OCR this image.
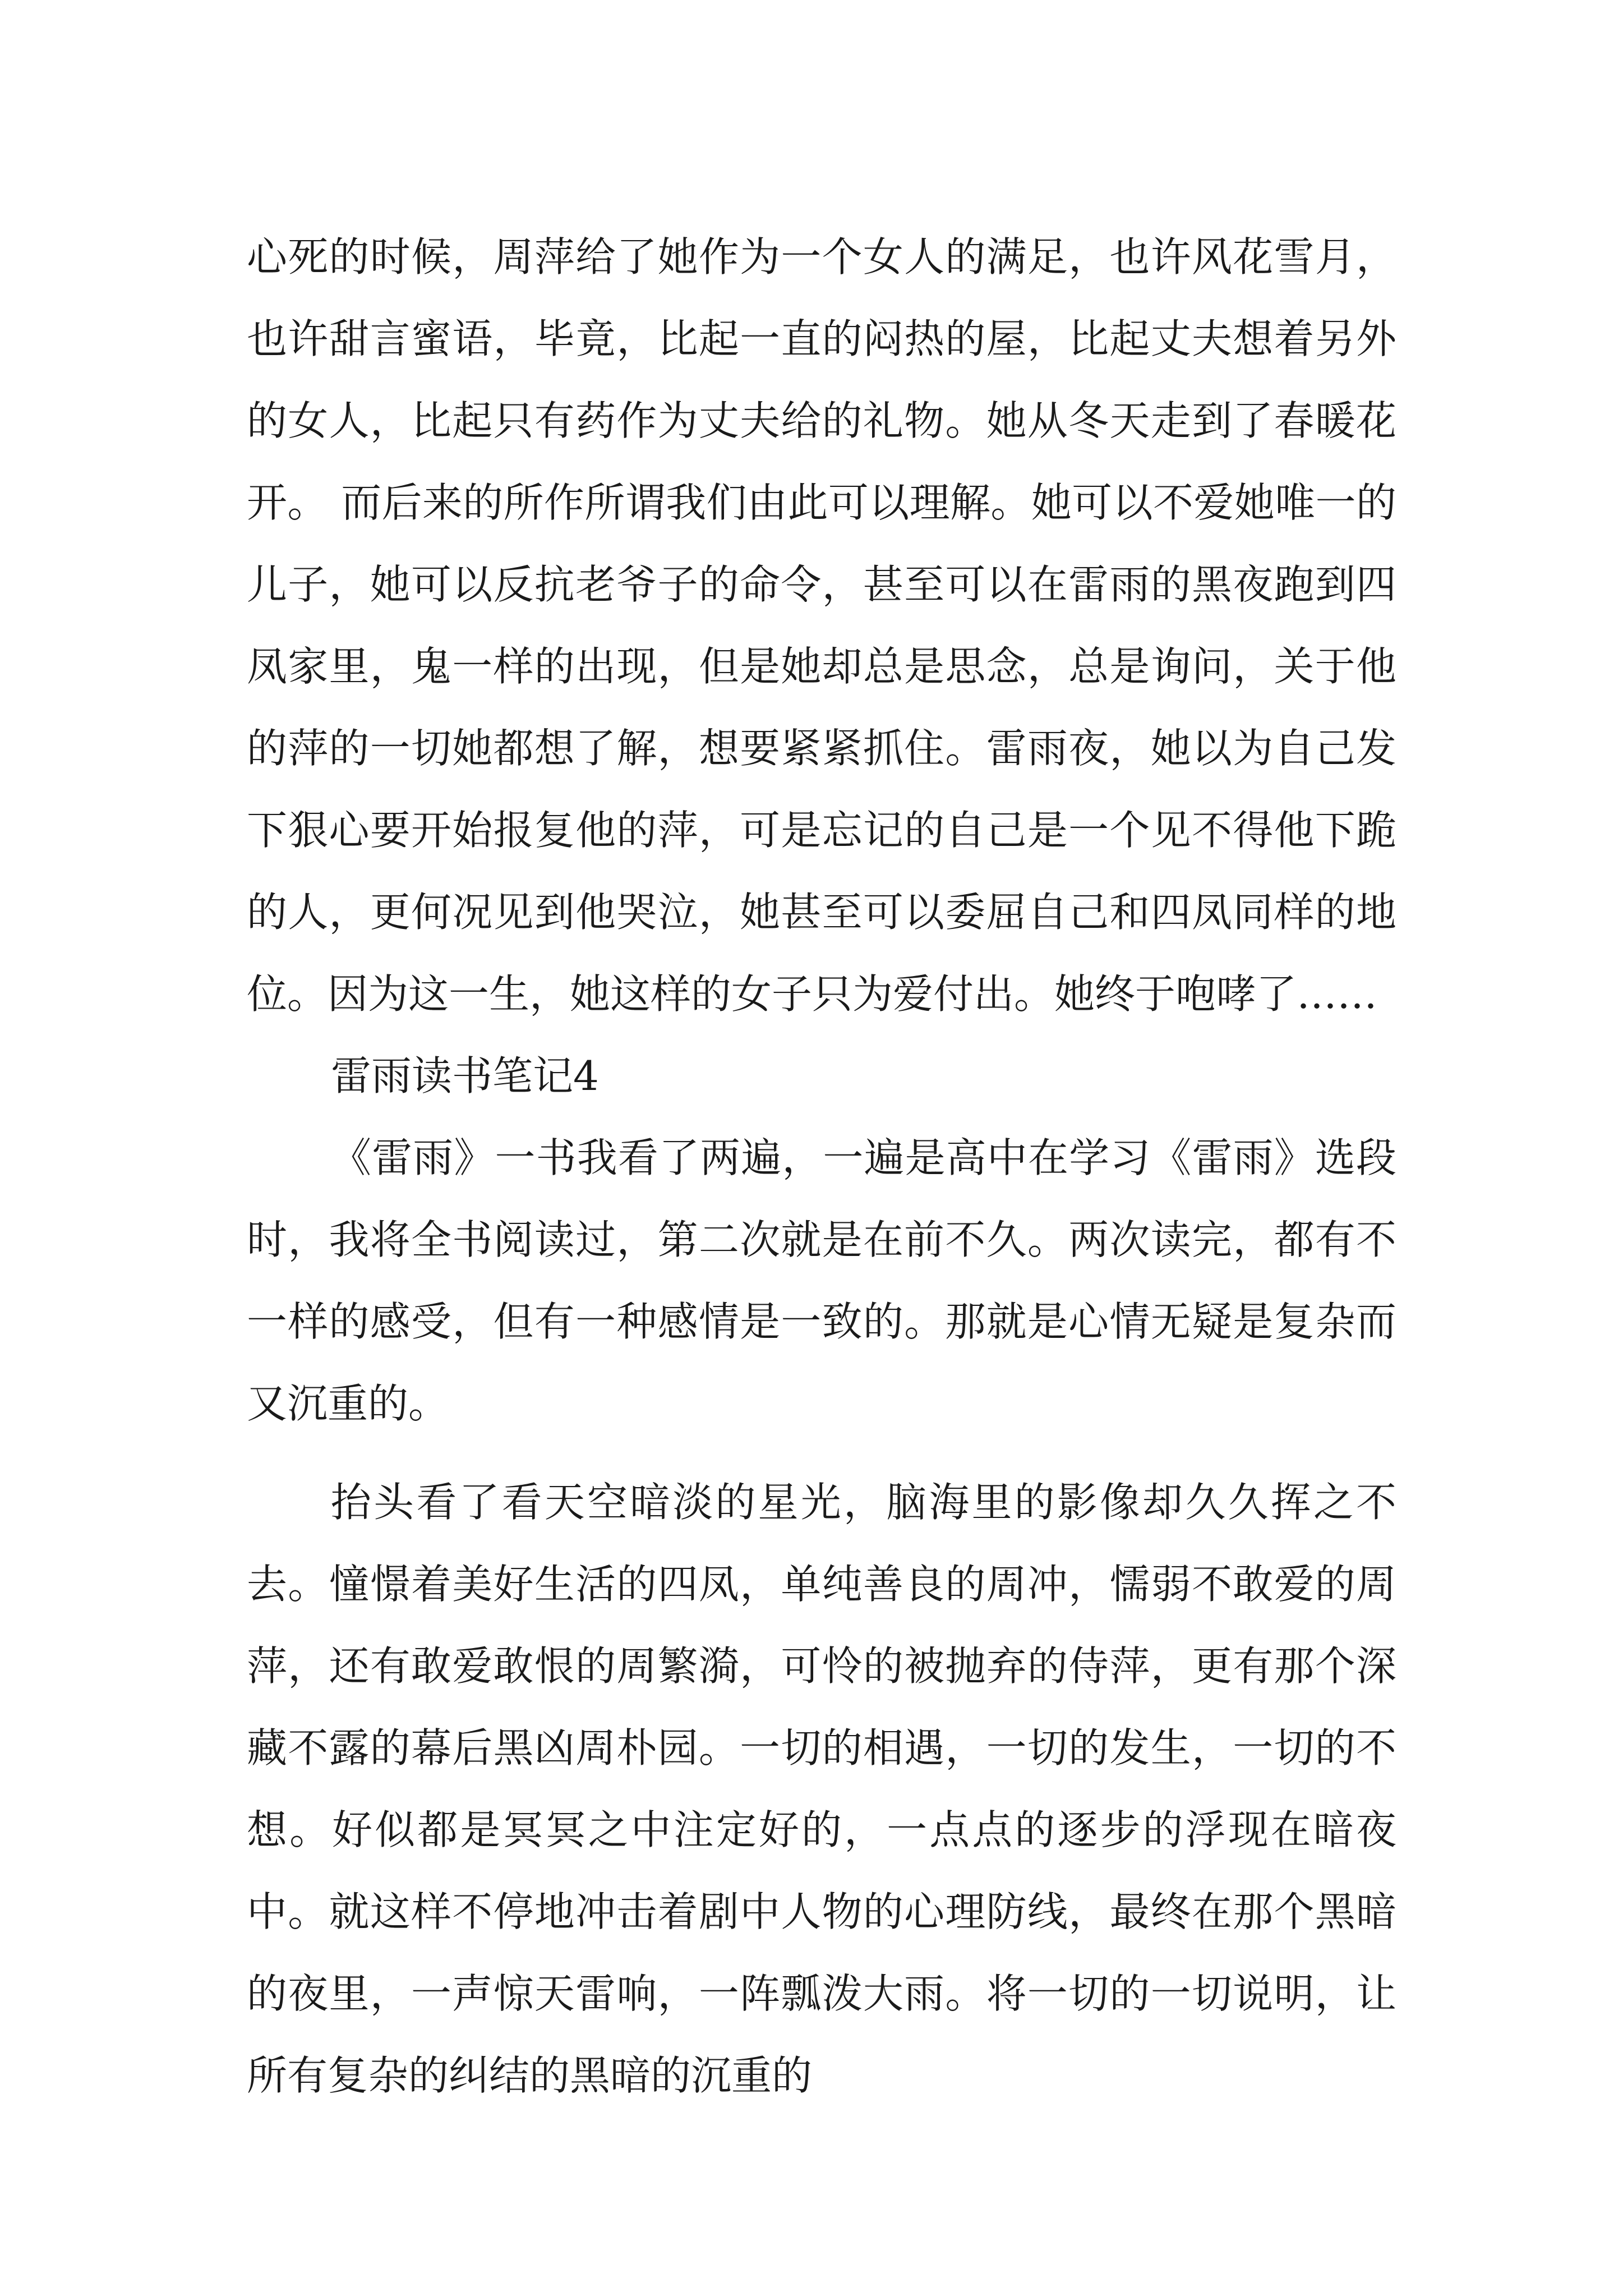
心死的时候，周萍给了她作为一个女人的满足，也许风花雪月，也许甜言蜜语，毕竟，比起一直的闷热的屋，比起丈夫想着另外的女人，比起只有药作为丈夫给的礼物。她从冬天走到了春暖花开。 而后来的所作所谓我们由此可以理解。她可以不爱她唯一的儿子，她可以反抗老爷子的命令，甚至可以在雷雨的黑夜跑到四凤家里，鬼一样的出现，但是她却总是思念，总是询问，关于他的萍的一切她都想了解，想要紧紧抓住。雷雨夜，她以为自己发下狠心要开始报复他的萍，可是忘记的自己是一个见不得他下跪的人，更何况见到他哭泣，她甚至可以委屈自己和四凤同样的地位。因为这一生，她这样的女子只为爱付出。她终于咆哮了……

雷雨读书笔记4

《雷雨》一书我看了两遍，一遍是高中在学习《雷雨》选段时，我将全书阅读过，第二次就是在前不久。两次读完，都有不一样的感受，但有一种感情是一致的。那就是心情无疑是复杂而又沉重的。

抬头看了看天空暗淡的星光，脑海里的影像却久久挥之不去。憧憬着美好生活的四凤，单纯善良的周冲，懦弱不敢爱的周萍，还有敢爱敢恨的周繁漪，可怜的被抛弃的侍萍，更有那个深藏不露的幕后黑凶周朴园。一切的相遇，一切的发生，一切的不想。好似都是冥冥之中注定好的，一点点的逐步的浮现在暗夜中。就这样不停地冲击着剧中人物的心理防线，最终在那个黑暗的夜里，一声惊天雷响，一阵瓢泼大雨。将一切的一切说明，让所有复杂的纠结的黑暗的沉重的
